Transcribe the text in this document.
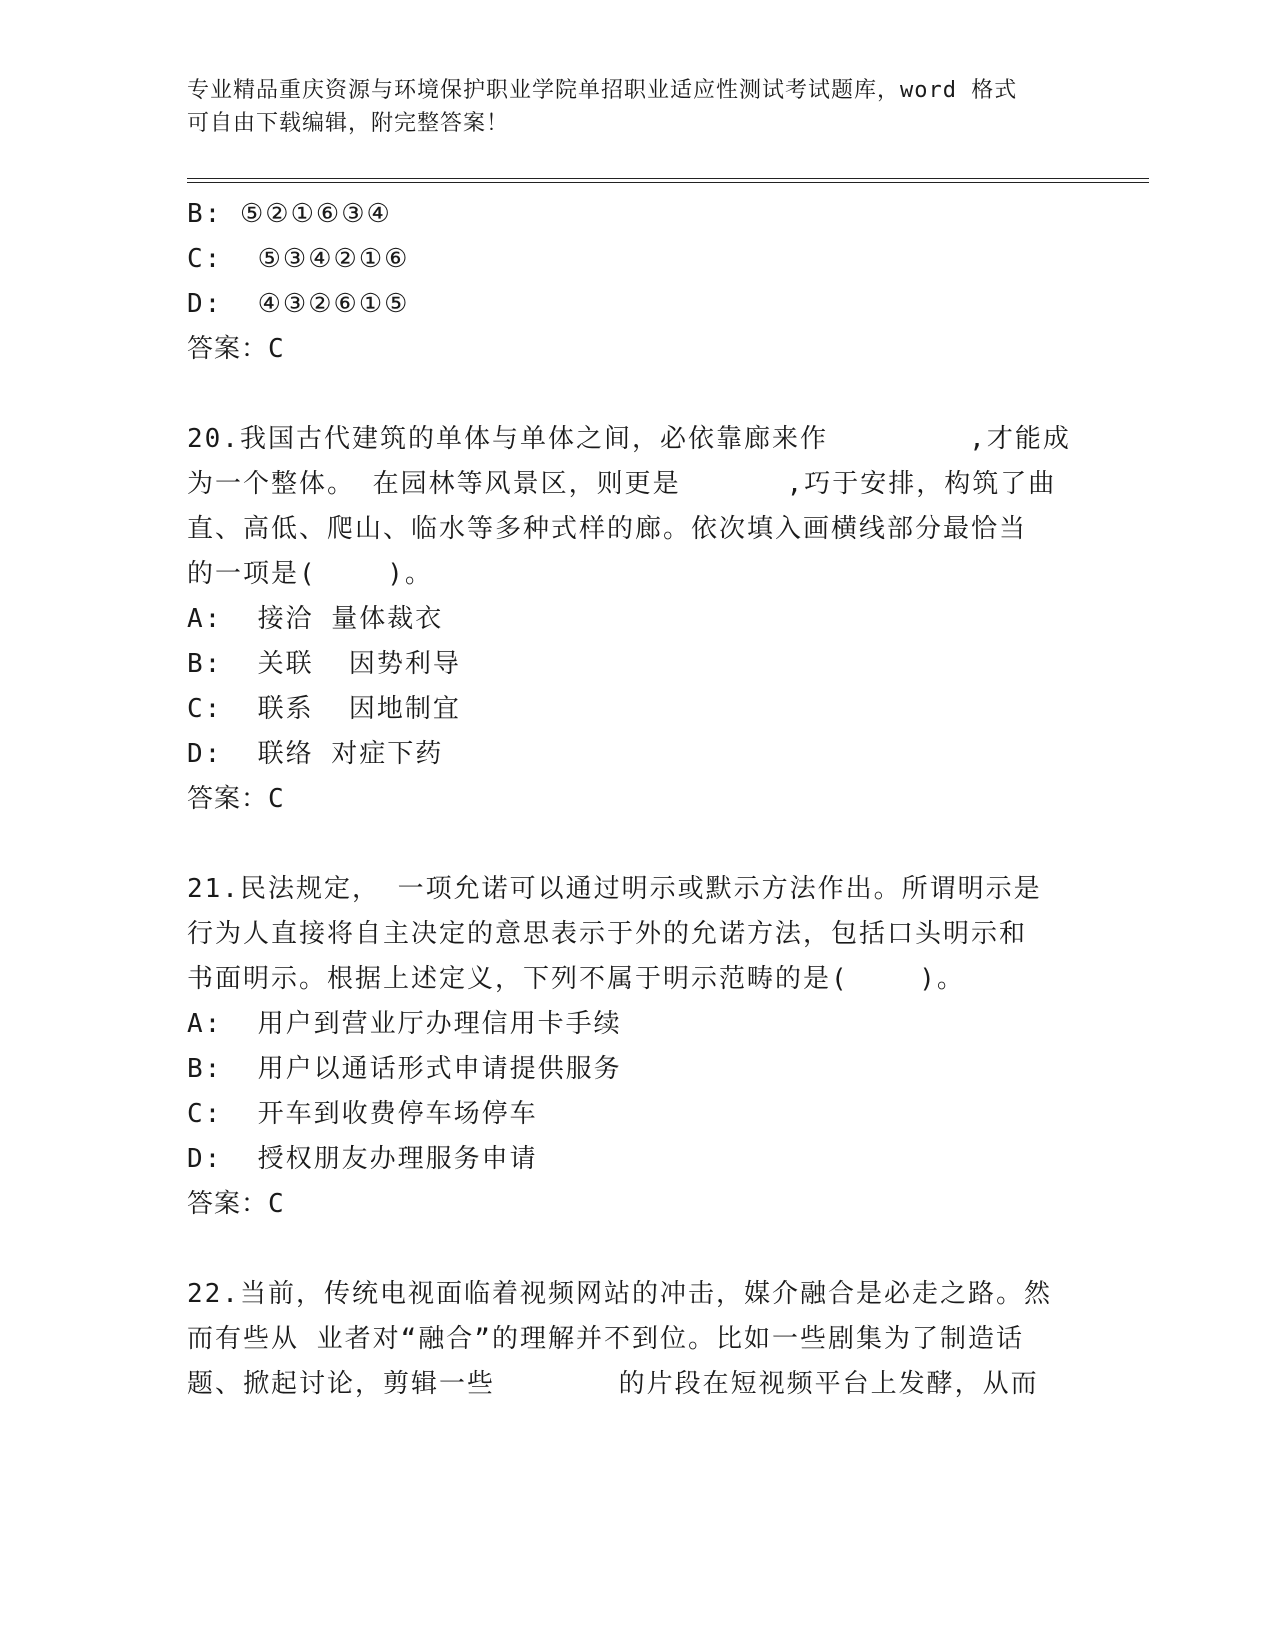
专业精品重庆资源与环境保护职业学院单招职业适应性测试考试题库，word 格式
可自由下载编辑，附完整答案！
B: ⑤②①⑥③④
C:  ⑤③④②①⑥
D:  ④③②⑥①⑤
答案：C
20.我国古代建筑的单体与单体之间，必依靠廊来作        ,才能成
为一个整体。 在园林等风景区，则更是      ,巧于安排，构筑了曲
直、高低、爬山、临水等多种式样的廊。依次填入画横线部分最恰当
的一项是(    )。
A:  接洽 量体裁衣
B:  关联  因势利导
C:  联系  因地制宜
D:  联络 对症下药
答案：C
21.民法规定， 一项允诺可以通过明示或默示方法作出。所谓明示是
行为人直接将自主决定的意思表示于外的允诺方法，包括口头明示和
书面明示。根据上述定义，下列不属于明示范畴的是(    )。
A:  用户到营业厅办理信用卡手续
B:  用户以通话形式申请提供服务
C:  开车到收费停车场停车
D:  授权朋友办理服务申请
答案：C
22.当前，传统电视面临着视频网站的冲击，媒介融合是必走之路。然
而有些从 业者对“融合”的理解并不到位。比如一些剧集为了制造话
题、掀起讨论，剪辑一些       的片段在短视频平台上发酵，从而
